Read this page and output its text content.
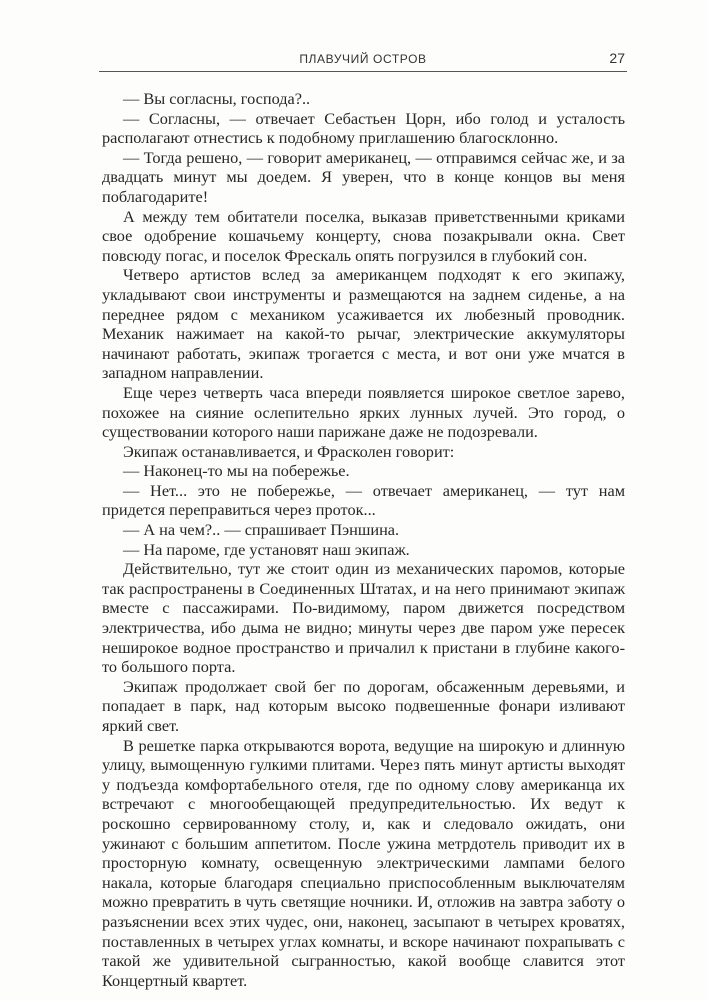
ПЛАВУЧИЙ ОСТРОВ	27

— Вы согласны, господа?..

— Согласны, — отвечает Себастьен Цорн, ибо голод и усталость располагают отнестись к подобному приглашению благосклонно.

— Тогда решено, — говорит американец, — отправимся сейчас же, и за двадцать минут мы доедем. Я уверен, что в конце концов вы меня поблагодарите!

А между тем обитатели поселка, выказав приветственными криками свое одобрение кошачьему концерту, снова позакрывали окна. Свет повсюду погас, и поселок Фрескаль опять погрузился в глубокий сон.

Четверо артистов вслед за американцем подходят к его экипажу, укладывают свои инструменты и размещаются на заднем сиденье, а на переднее рядом с механиком усаживается их любезный проводник. Механик нажимает на какой-то рычаг, электрические аккумуляторы начинают работать, экипаж трогается с места, и вот они уже мчатся в западном направлении.

Еще через четверть часа впереди появляется широкое светлое зарево, похожее на сияние ослепительно ярких лунных лучей. Это город, о существовании которого наши парижане даже не подозревали.

Экипаж останавливается, и Фрасколен говорит:

— Наконец-то мы на побережье.

— Нет... это не побережье, — отвечает американец, — тут нам придется переправиться через проток...

— А на чем?.. — спрашивает Пэншина.

— На пароме, где установят наш экипаж.

Действительно, тут же стоит один из механических паромов, которые так распространены в Соединенных Штатах, и на него принимают экипаж вместе с пассажирами. По-видимому, паром движется посредством электричества, ибо дыма не видно; минуты через две паром уже пересек неширокое водное пространство и причалил к пристани в глубине какого-то большого порта.

Экипаж продолжает свой бег по дорогам, обсаженным деревьями, и попадает в парк, над которым высоко подвешенные фонари изливают яркий свет.

В решетке парка открываются ворота, ведущие на широкую и длинную улицу, вымощенную гулкими плитами. Через пять минут артисты выходят у подъезда комфортабельного отеля, где по одному слову американца их встречают с многообещающей предупредительностью. Их ведут к роскошно сервированному столу, и, как и следовало ожидать, они ужинают с большим аппетитом. После ужина метрдотель приводит их в просторную комнату, освещенную электрическими лампами белого накала, которые благодаря специально приспособленным выключателям можно превратить в чуть светящие ночники. И, отложив на завтра заботу о разъяснении всех этих чудес, они, наконец, засыпают в четырех кроватях, поставленных в четырех углах комнаты, и вскоре начинают похрапывать с такой же удивительной сыгранностью, какой вообще славится этот Концертный квартет.
